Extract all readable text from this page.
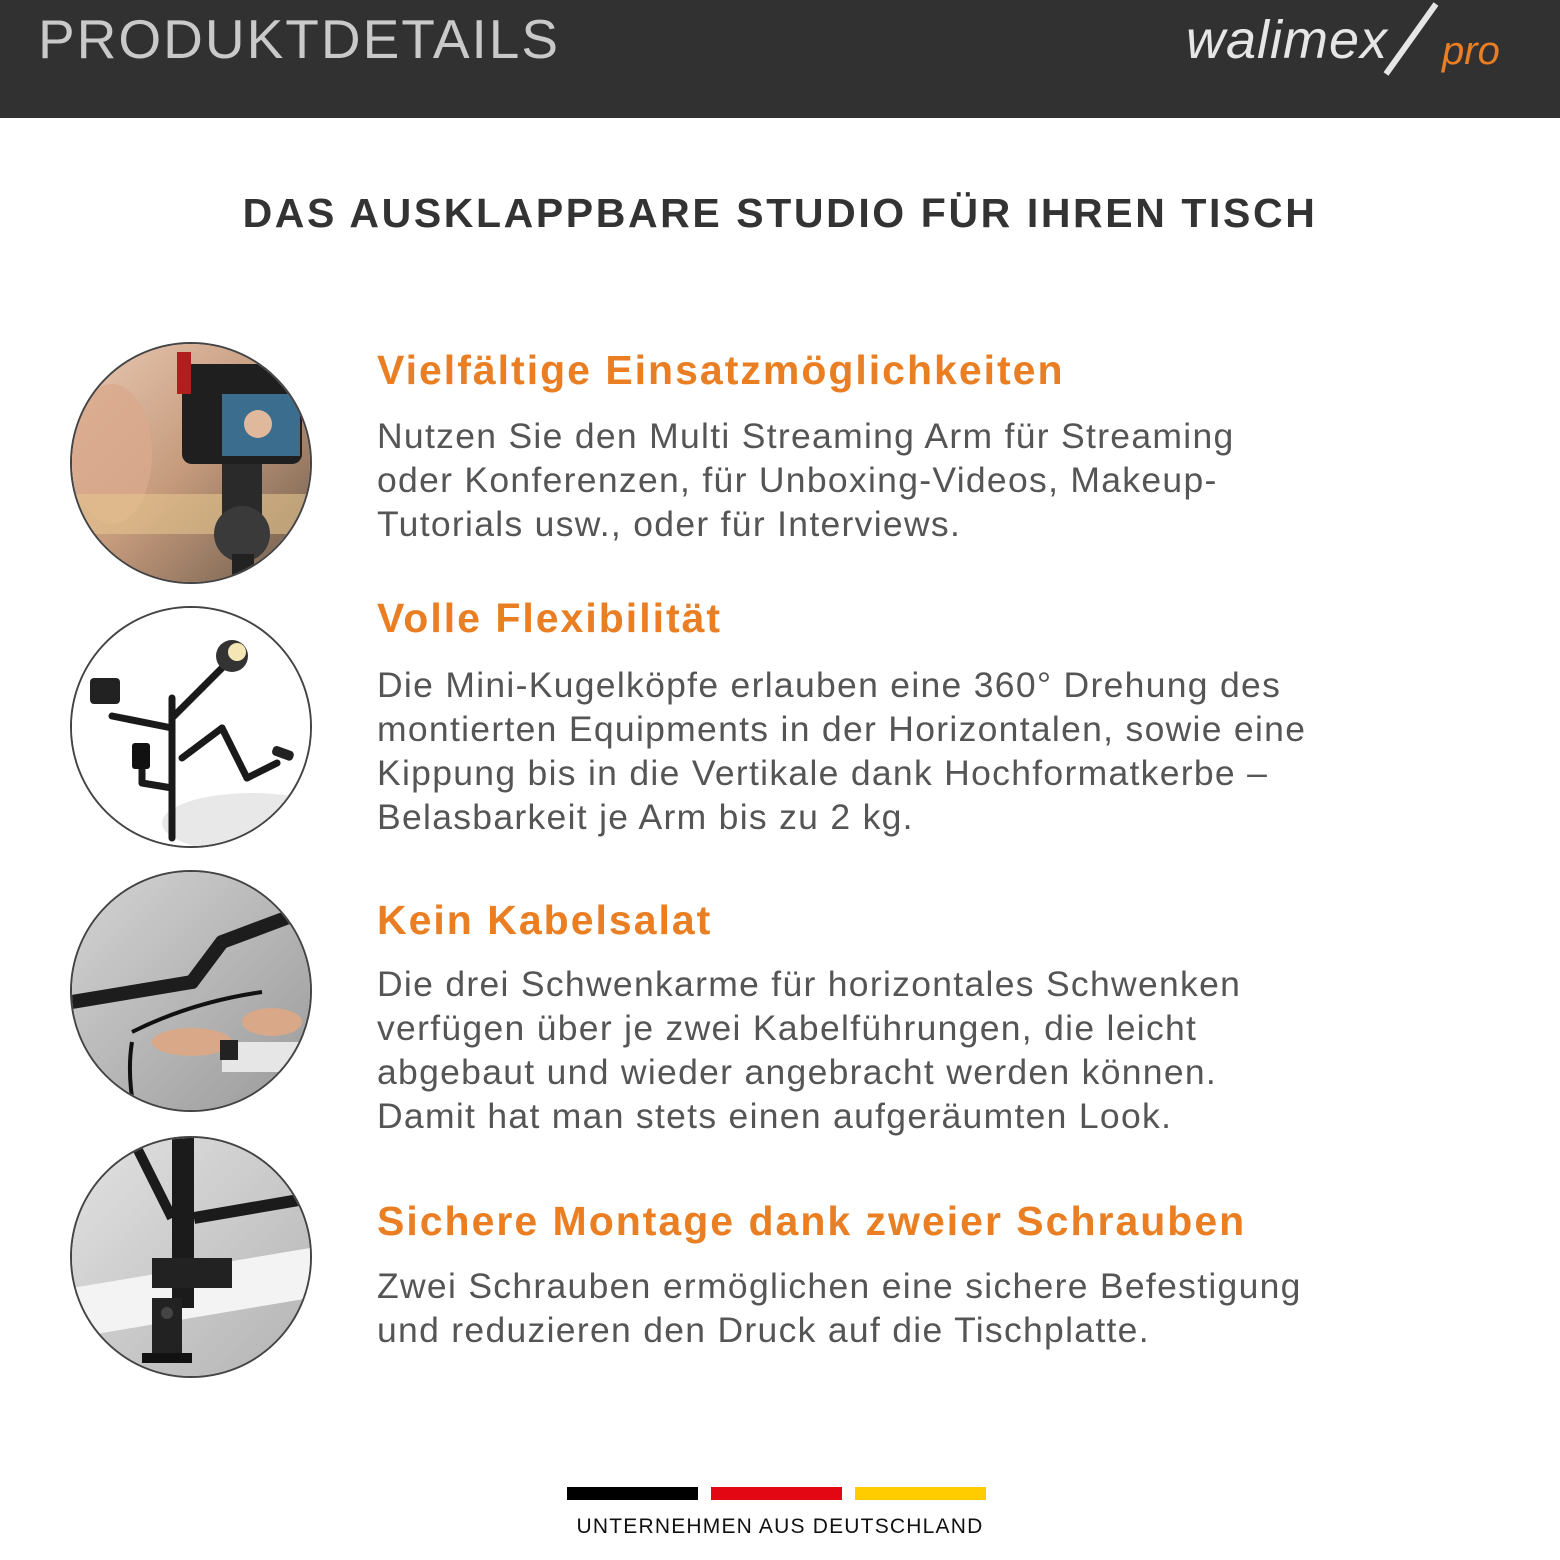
PRODUKTDETAILS	walimex pro
DAS AUSKLAPPBARE STUDIO FÜR IHREN TISCH
Vielfältige Einsatzmöglichkeiten
Nutzen Sie den Multi Streaming Arm für Streaming
oder Konferenzen, für Unboxing-Videos, Makeup-
Tutorials usw., oder für Interviews.
Volle Flexibilität
Die Mini-Kugelköpfe erlauben eine 360° Drehung des
montierten Equipments in der Horizontalen, sowie eine
Kippung bis in die Vertikale dank Hochformatkerbe –
Belasbarkeit je Arm bis zu 2 kg.
Kein Kabelsalat
Die drei Schwenkarme für horizontales Schwenken
verfügen über je zwei Kabelführungen, die leicht
abgebaut und wieder angebracht werden können.
Damit hat man stets einen aufgeräumten Look.
Sichere Montage dank zweier Schrauben
Zwei Schrauben ermöglichen eine sichere Befestigung
und reduzieren den Druck auf die Tischplatte.
UNTERNEHMEN AUS DEUTSCHLAND
